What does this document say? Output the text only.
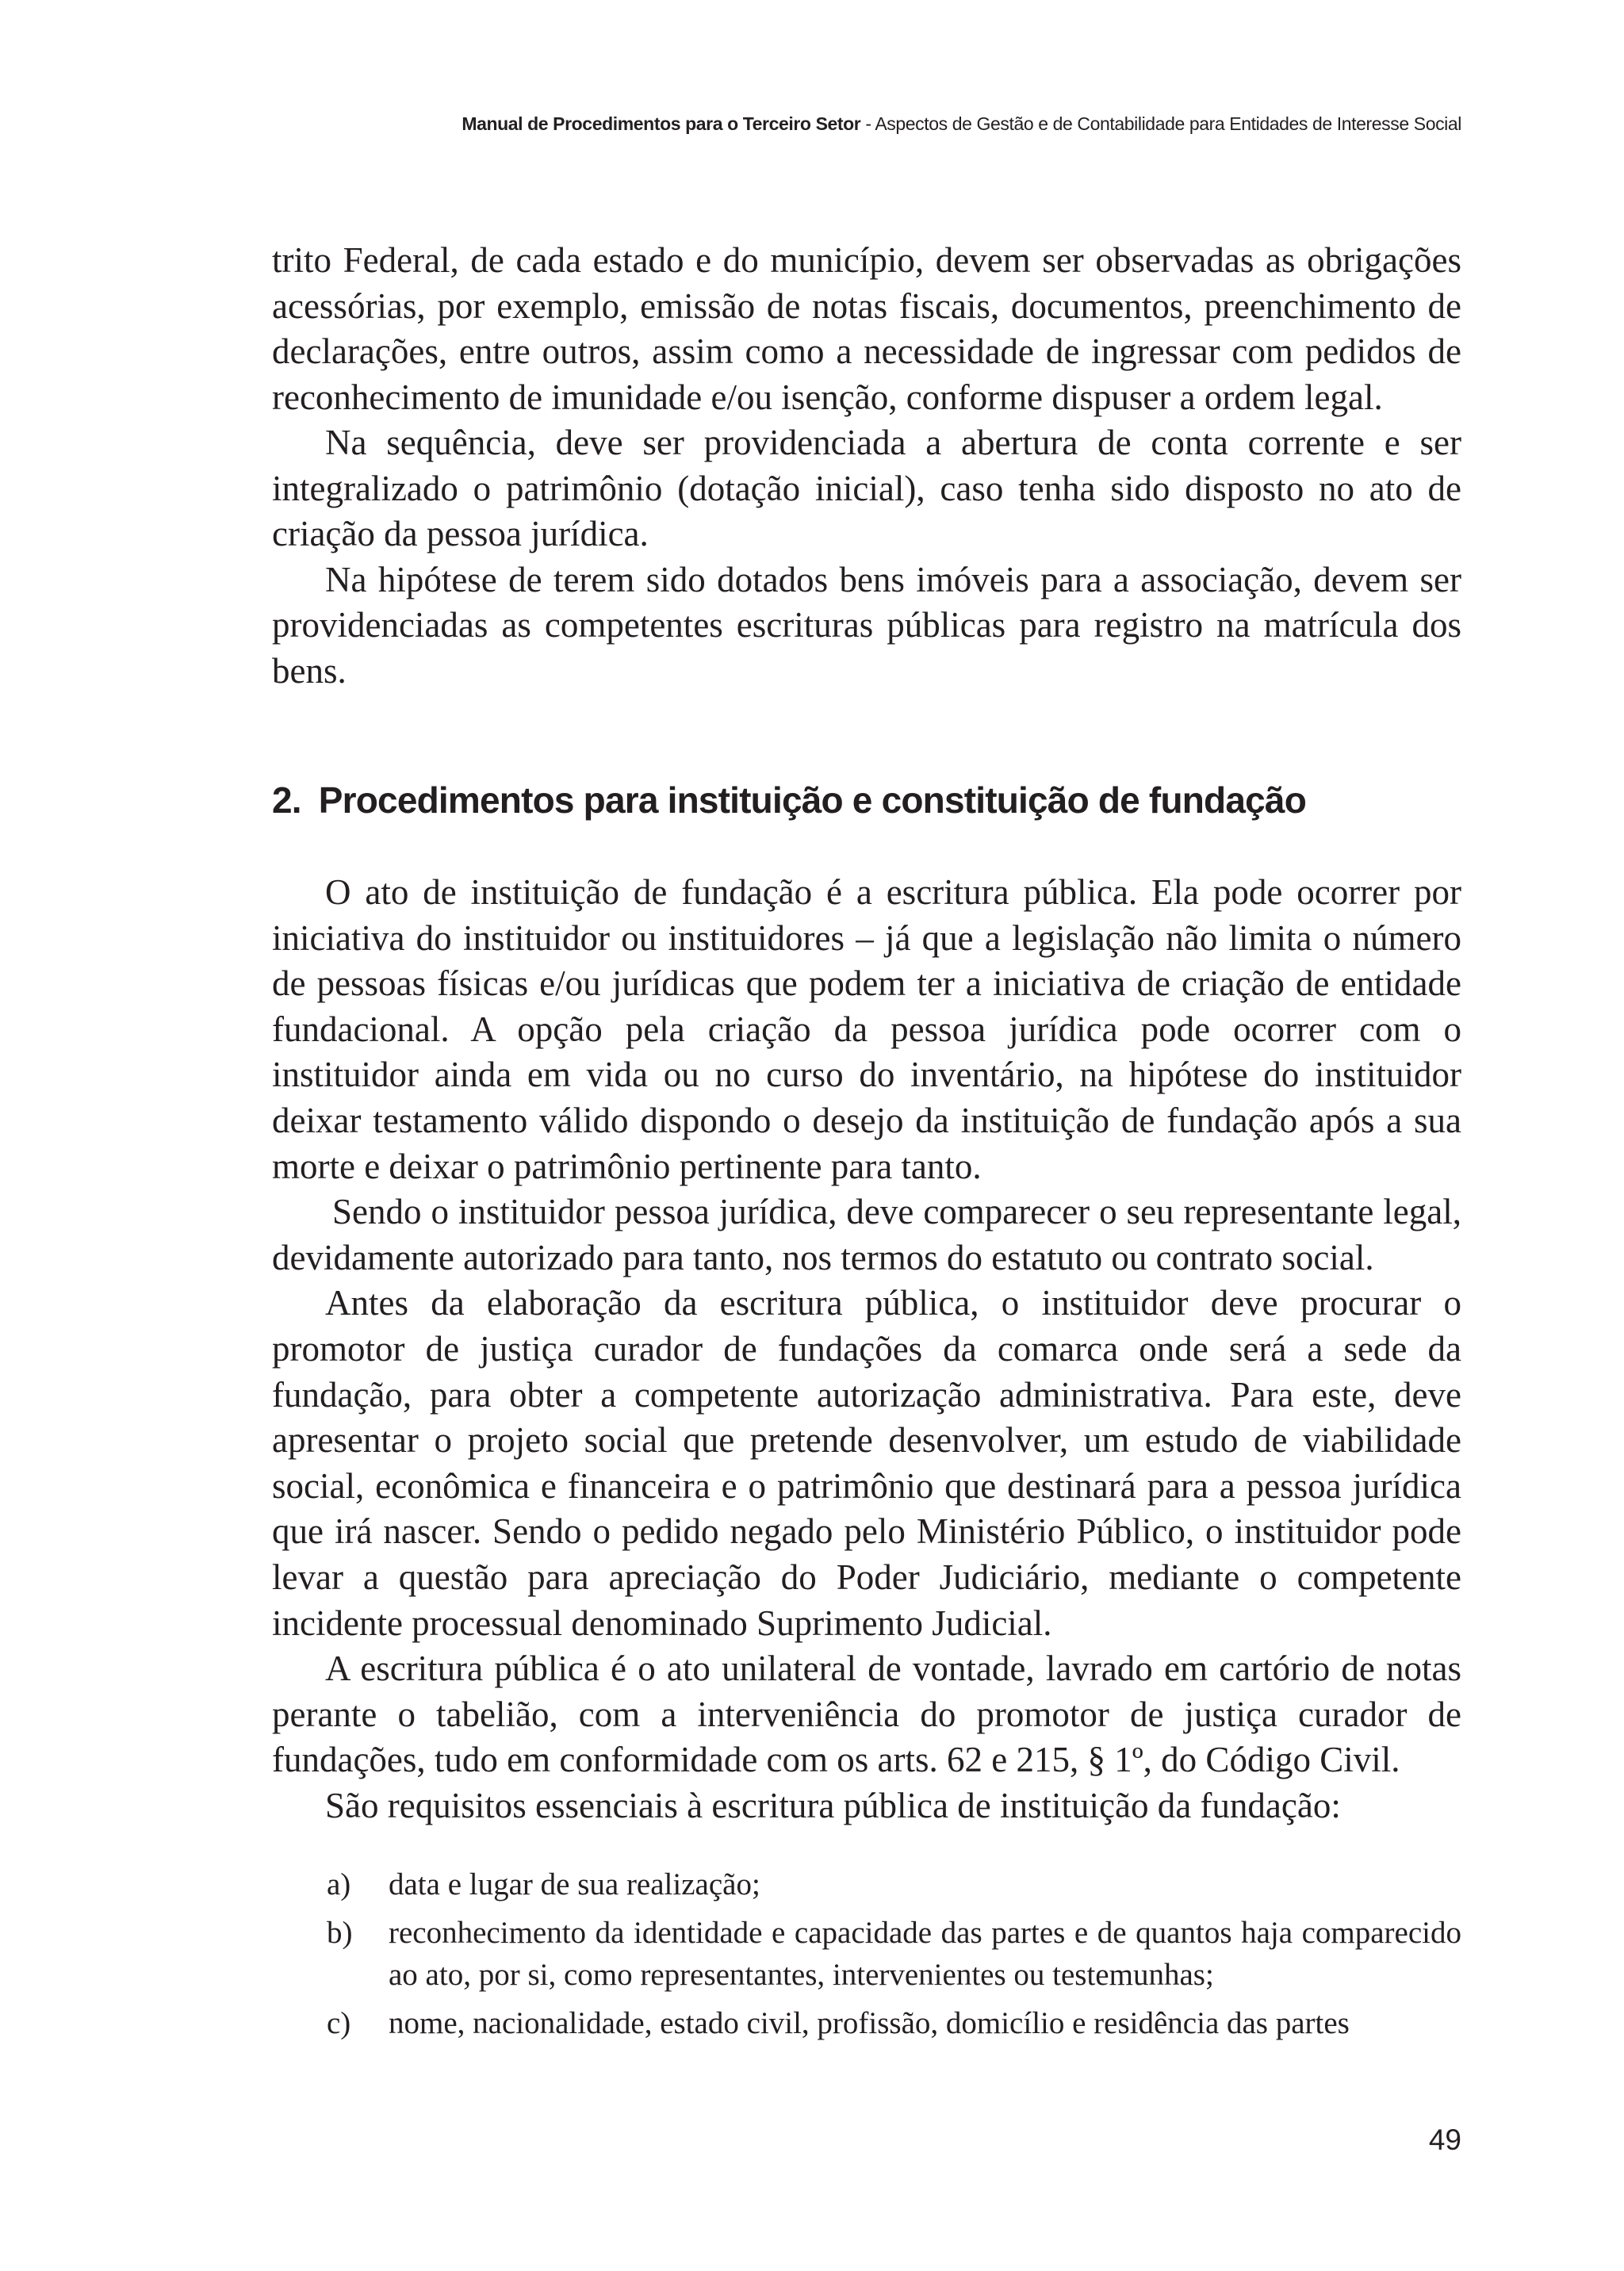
Manual de Procedimentos para o Terceiro Setor - Aspectos de Gestão e de Contabilidade para Entidades de Interesse Social

trito Federal, de cada estado e do município, devem ser observadas as obrigações acessórias, por exemplo, emissão de notas fiscais, documentos, preenchimento de declarações, entre outros, assim como a necessidade de ingressar com pedidos de reconhecimento de imunidade e/ou isenção, conforme dispuser a ordem legal.

Na sequência, deve ser providenciada a abertura de conta corrente e ser integralizado o patrimônio (dotação inicial), caso tenha sido disposto no ato de criação da pessoa jurídica.

Na hipótese de terem sido dotados bens imóveis para a associação, devem ser providenciadas as competentes escrituras públicas para registro na matrícula dos bens.

2. Procedimentos para instituição e constituição de fundação

O ato de instituição de fundação é a escritura pública. Ela pode ocorrer por iniciativa do instituidor ou instituidores – já que a legislação não limita o número de pessoas físicas e/ou jurídicas que podem ter a iniciativa de criação de entidade fundacional. A opção pela criação da pessoa jurídica pode ocorrer com o instituidor ainda em vida ou no curso do inventário, na hipótese do instituidor deixar testamento válido dispondo o desejo da instituição de fundação após a sua morte e deixar o patrimônio pertinente para tanto.

Sendo o instituidor pessoa jurídica, deve comparecer o seu representante legal, devidamente autorizado para tanto, nos termos do estatuto ou contrato social.

Antes da elaboração da escritura pública, o instituidor deve procurar o promotor de justiça curador de fundações da comarca onde será a sede da fundação, para obter a competente autorização administrativa. Para este, deve apresentar o projeto social que pretende desenvolver, um estudo de viabilidade social, econômica e financeira e o patrimônio que destinará para a pessoa jurídica que irá nascer. Sendo o pedido negado pelo Ministério Público, o instituidor pode levar a questão para apreciação do Poder Judiciário, mediante o competente incidente processual denominado Suprimento Judicial.

A escritura pública é o ato unilateral de vontade, lavrado em cartório de notas perante o tabelião, com a interveniência do promotor de justiça curador de fundações, tudo em conformidade com os arts. 62 e 215, § 1º, do Código Civil.

São requisitos essenciais à escritura pública de instituição da fundação:

a) data e lugar de sua realização;
b) reconhecimento da identidade e capacidade das partes e de quantos haja comparecido ao ato, por si, como representantes, intervenientes ou testemunhas;
c) nome, nacionalidade, estado civil, profissão, domicílio e residência das partes
49
